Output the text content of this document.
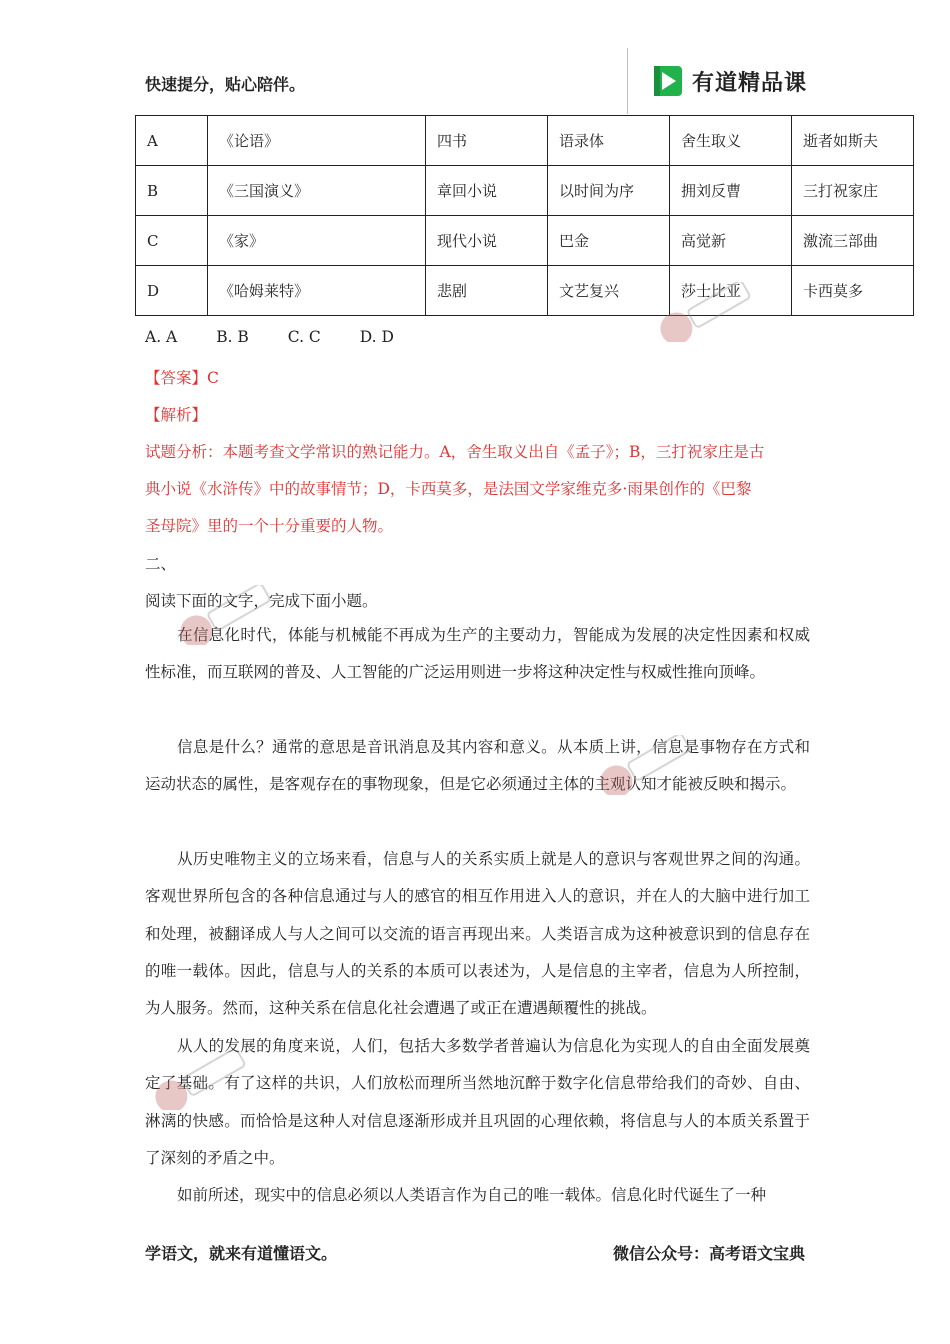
快速提分，贴心陪伴。	有道精品课
A	《论语》	四书	语录体	舍生取义	逝者如斯夫
B	《三国演义》	章回小说	以时间为序	拥刘反曹	三打祝家庄
C	《家》	现代小说	巴金	高觉新	激流三部曲
D	《哈姆莱特》	悲剧	文艺复兴	莎士比亚	卡西莫多
A. A	B. B	C. C	D. D
【答案】C
【解析】
试题分析：本题考查文学常识的熟记能力。A，舍生取义出自《孟子》；B，三打祝家庄是古
典小说《水浒传》中的故事情节；D，卡西莫多，是法国文学家维克多·雨果创作的《巴黎
圣母院》里的一个十分重要的人物。
二、
阅读下面的文字，完成下面小题。
在信息化时代，体能与机械能不再成为生产的主要动力，智能成为发展的决定性因素和权威性标准，而互联网的普及、人工智能的广泛运用则进一步将这种决定性与权威性推向顶峰。
信息是什么？通常的意思是音讯消息及其内容和意义。从本质上讲，信息是事物存在方式和运动状态的属性，是客观存在的事物现象，但是它必须通过主体的主观认知才能被反映和揭示。
从历史唯物主义的立场来看，信息与人的关系实质上就是人的意识与客观世界之间的沟通。客观世界所包含的各种信息通过与人的感官的相互作用进入人的意识，并在人的大脑中进行加工和处理，被翻译成人与人之间可以交流的语言再现出来。人类语言成为这种被意识到的信息存在的唯一载体。因此，信息与人的关系的本质可以表述为，人是信息的主宰者，信息为人所控制，为人服务。然而，这种关系在信息化社会遭遇了或正在遭遇颠覆性的挑战。
从人的发展的角度来说，人们，包括大多数学者普遍认为信息化为实现人的自由全面发展奠定了基础。有了这样的共识，人们放松而理所当然地沉醉于数字化信息带给我们的奇妙、自由、淋漓的快感。而恰恰是这种人对信息逐渐形成并且巩固的心理依赖，将信息与人的本质关系置于了深刻的矛盾之中。
如前所述，现实中的信息必须以人类语言作为自己的唯一载体。信息化时代诞生了一种
学语文，就来有道懂语文。	微信公众号：高考语文宝典
